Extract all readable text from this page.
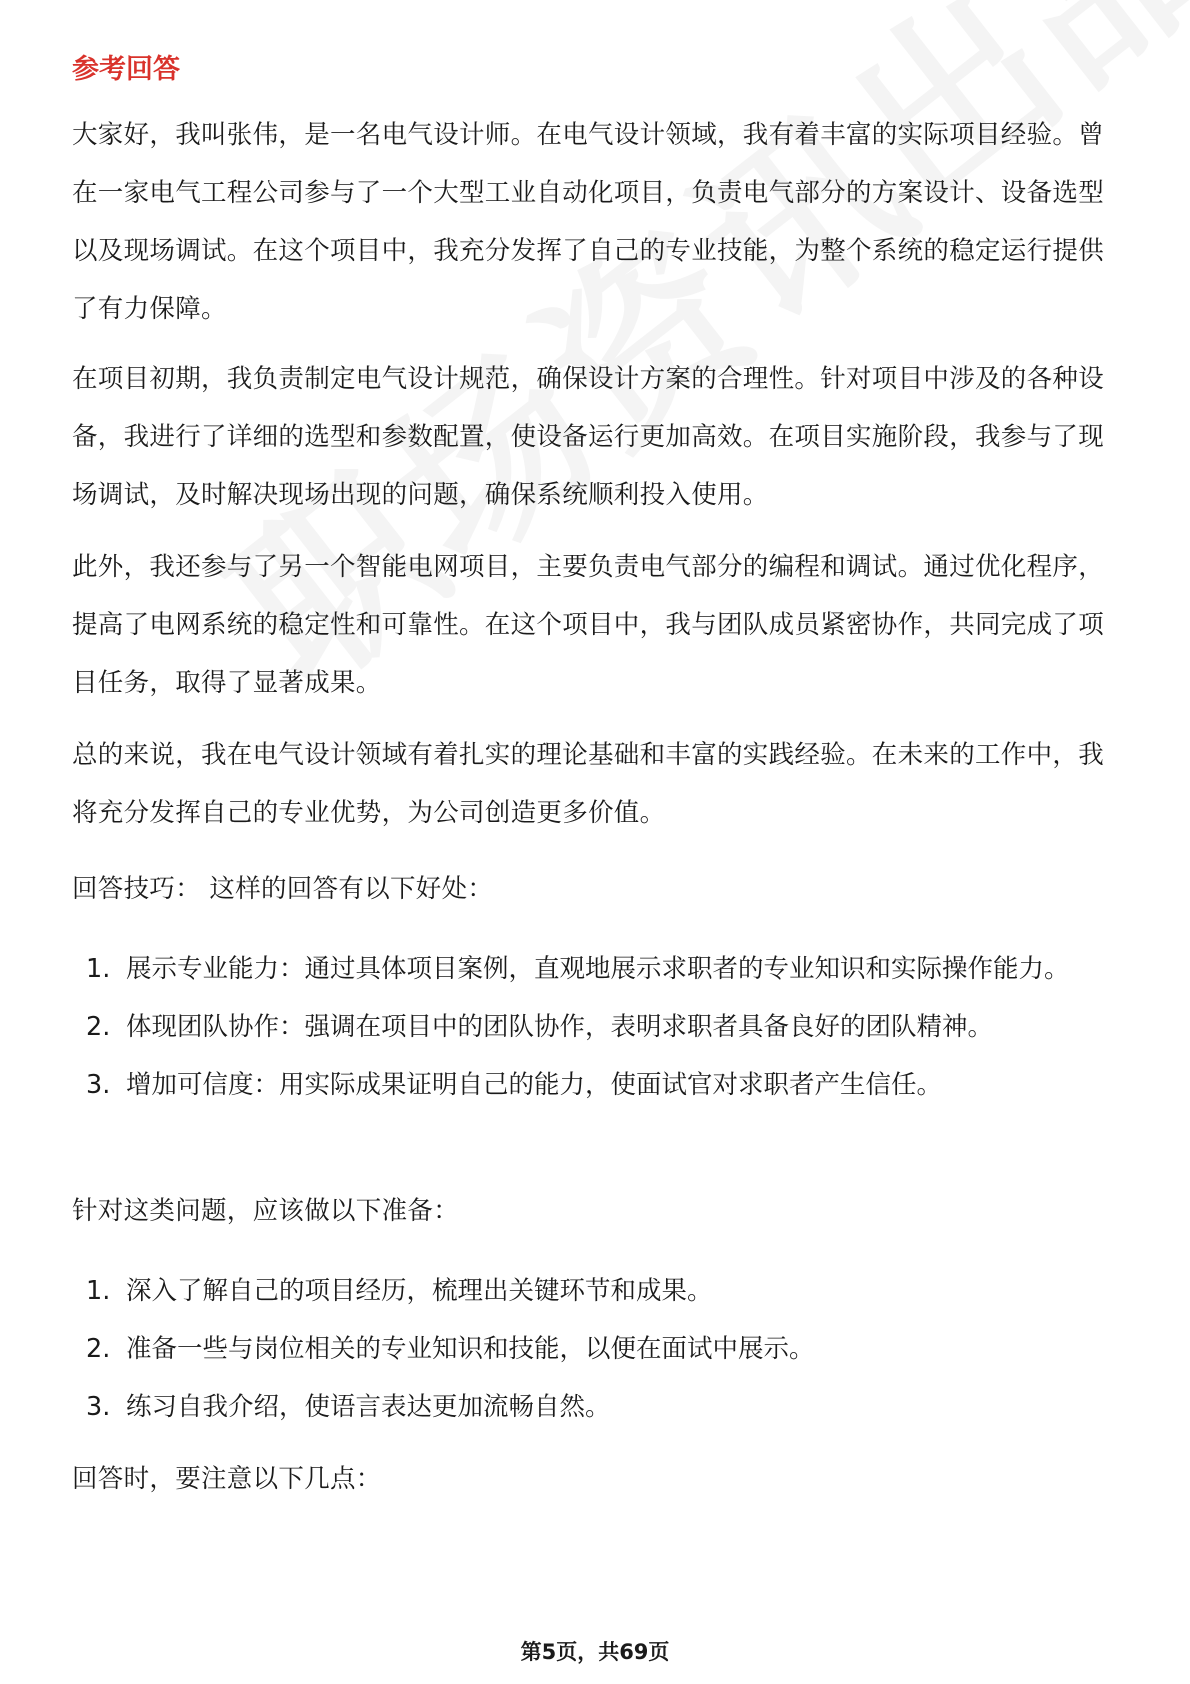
参考回答

大家好，我叫张伟，是一名电气设计师。在电气设计领域，我有着丰富的实际项目经验。曾在一家电气工程公司参与了一个大型工业自动化项目，负责电气部分的方案设计、设备选型以及现场调试。在这个项目中，我充分发挥了自己的专业技能，为整个系统的稳定运行提供了有力保障。

在项目初期，我负责制定电气设计规范，确保设计方案的合理性。针对项目中涉及的各种设备，我进行了详细的选型和参数配置，使设备运行更加高效。在项目实施阶段，我参与了现场调试，及时解决现场出现的问题，确保系统顺利投入使用。

此外，我还参与了另一个智能电网项目，主要负责电气部分的编程和调试。通过优化程序，提高了电网系统的稳定性和可靠性。在这个项目中，我与团队成员紧密协作，共同完成了项目任务，取得了显著成果。

总的来说，我在电气设计领域有着扎实的理论基础和丰富的实践经验。在未来的工作中，我将充分发挥自己的专业优势，为公司创造更多价值。

回答技巧： 这样的回答有以下好处：

1. 展示专业能力：通过具体项目案例，直观地展示求职者的专业知识和实际操作能力。
2. 体现团队协作：强调在项目中的团队协作，表明求职者具备良好的团队精神。
3. 增加可信度：用实际成果证明自己的能力，使面试官对求职者产生信任。

针对这类问题，应该做以下准备：

1. 深入了解自己的项目经历，梳理出关键环节和成果。
2. 准备一些与岗位相关的专业知识和技能，以便在面试中展示。
3. 练习自我介绍，使语言表达更加流畅自然。

回答时，要注意以下几点：

第5页，共69页
